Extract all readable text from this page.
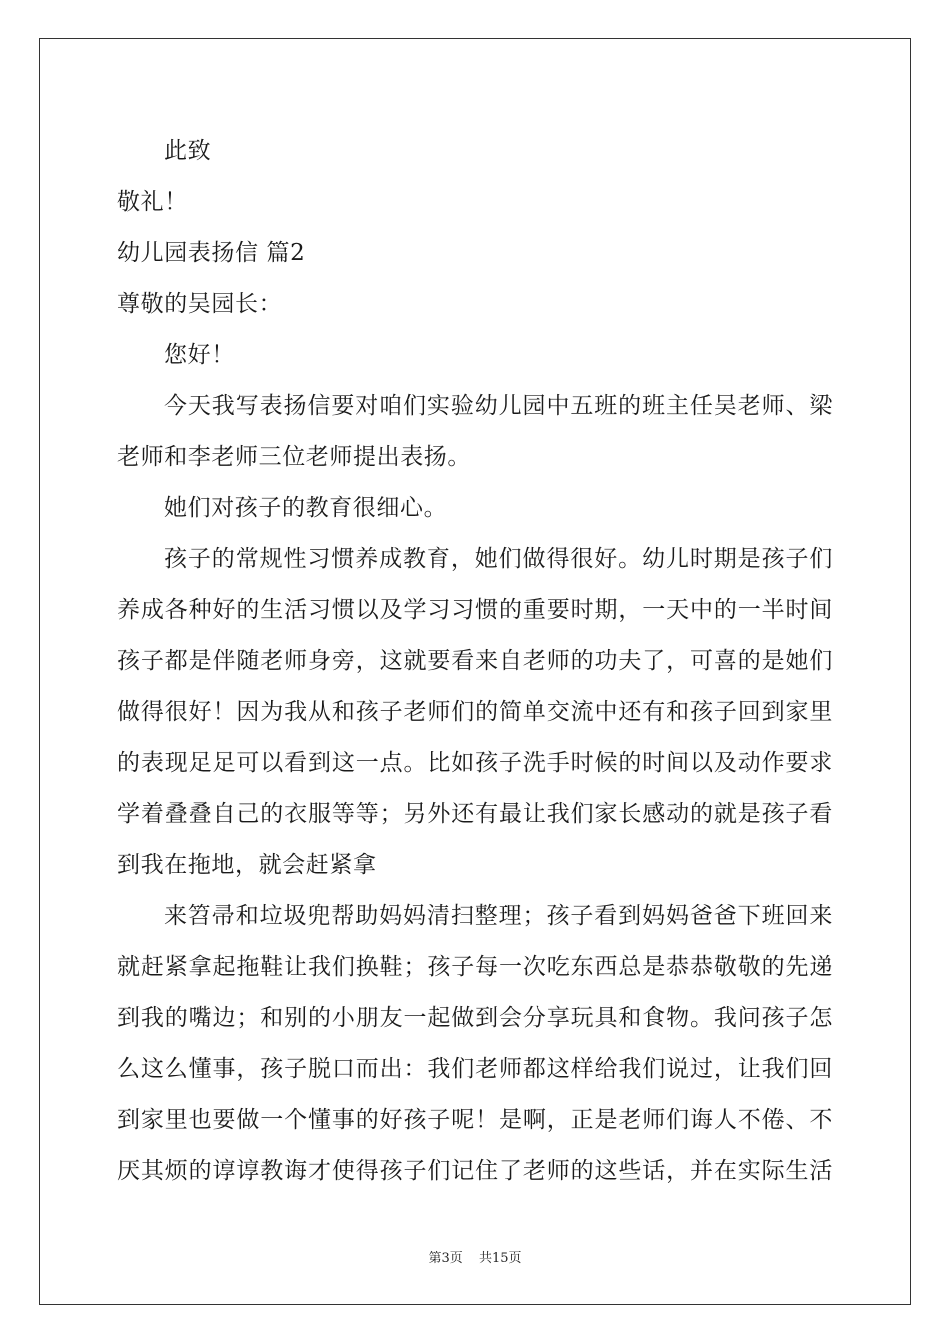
此致
敬礼！
幼儿园表扬信 篇2
尊敬的吴园长：
您好！
今天我写表扬信要对咱们实验幼儿园中五班的班主任吴老师、梁
老师和李老师三位老师提出表扬。
她们对孩子的教育很细心。
孩子的常规性习惯养成教育，她们做得很好。幼儿时期是孩子们
养成各种好的生活习惯以及学习习惯的重要时期，一天中的一半时间
孩子都是伴随老师身旁，这就要看来自老师的功夫了，可喜的是她们
做得很好！因为我从和孩子老师们的简单交流中还有和孩子回到家里
的表现足足可以看到这一点。比如孩子洗手时候的时间以及动作要求
学着叠叠自己的衣服等等；另外还有最让我们家长感动的就是孩子看
到我在拖地，就会赶紧拿
来笤帚和垃圾兜帮助妈妈清扫整理；孩子看到妈妈爸爸下班回来
就赶紧拿起拖鞋让我们换鞋；孩子每一次吃东西总是恭恭敬敬的先递
到我的嘴边；和别的小朋友一起做到会分享玩具和食物。我问孩子怎
么这么懂事，孩子脱口而出：我们老师都这样给我们说过，让我们回
到家里也要做一个懂事的好孩子呢！是啊，正是老师们诲人不倦、不
厌其烦的谆谆教诲才使得孩子们记住了老师的这些话，并在实际生活
第3页 共15页
